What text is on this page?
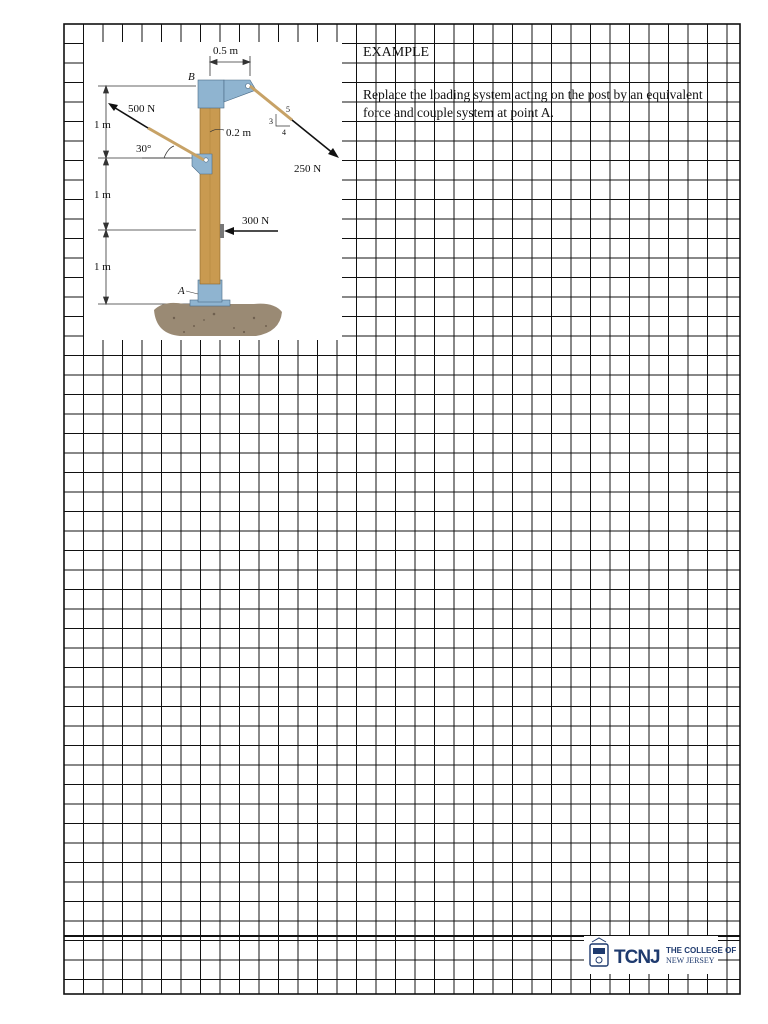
1 m
1 m
1 m
0.5 m
3
4
5
0.2 m
30°
500 N
250 N
300 N
B
A

EXAMPLE

Replace the loading system acting on the post by an equivalent force and couple system at point A.

TCNJ THE COLLEGE OF
NEW JERSEY
